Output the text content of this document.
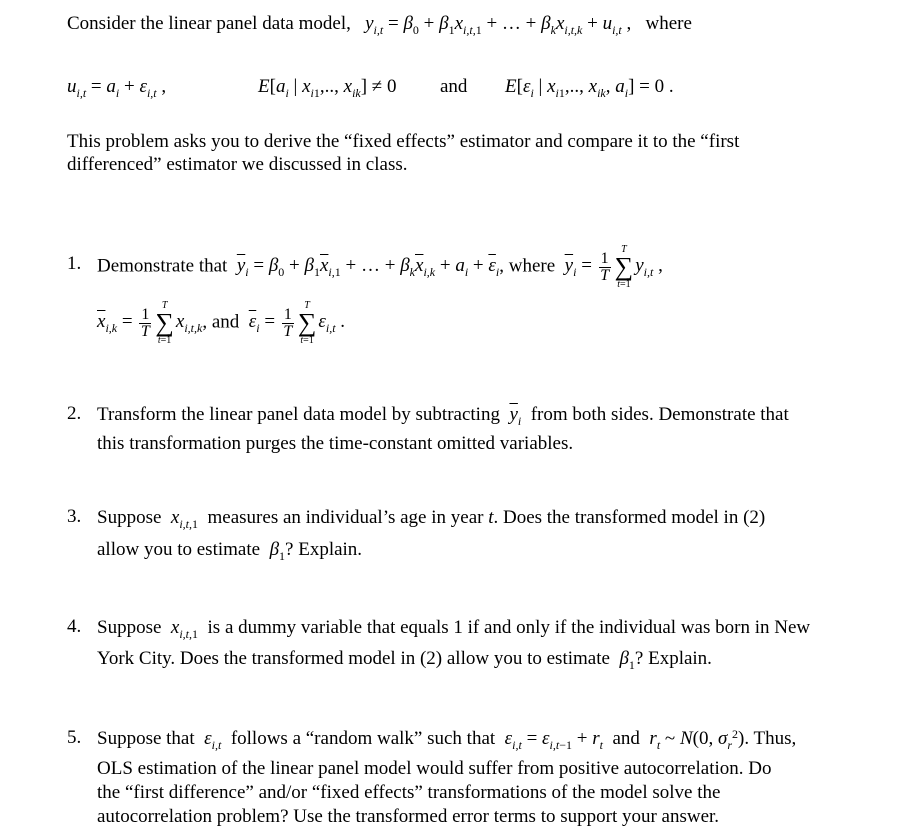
Consider the linear panel data model, $y_{i,t} = \beta_0 + \beta_1x_{i,t,1}$ + … + $\beta_kx_{i,t,k} + u_{i,t}$ , where
$u_{i,t} = a_i + \varepsilon_{i,t}$ ,	$E[a_i$ | $x_{i1}$,.., $x_{ik}] \ne 0$ and $E[\varepsilon_i$ | $x_{i1}$,.., $x_{ik}$, $a_i] = 0$ .
This problem asks you to derive the “fixed effects” estimator and compare it to the “first differenced” estimator we discussed in class.
1. Demonstrate that $\overline{y}_i = \beta_0 + \beta_1\overline{x}_{i,1}$ + … + $\beta_k\overline{x}_{i,k} + a_i + \overline{\varepsilon}_i$, where $\overline{y}_i = \frac{1}{T}$
T
∑
t=1
$y_{i,t}$ ,
$\overline{x}_{i,k} = \frac{1}{T}$
T
∑
t=1
$x_{i,t,k}$, and $\overline{\varepsilon}_i = \frac{1}{T}$
T
∑
t=1
$\varepsilon_{i,t}$ .
2. Transform the linear panel data model by subtracting $\overline{y}_i$ from both sides. Demonstrate that
this transformation purges the time-constant omitted variables.
3. Suppose $x_{i,t,1}$ measures an individual’s age in year t. Does the transformed model in (2)
allow you to estimate $\beta_1$? Explain.
4. Suppose $x_{i,t,1}$ is a dummy variable that equals 1 if and only if the individual was born in New
York City. Does the transformed model in (2) allow you to estimate $\beta_1$? Explain.
5. Suppose that $\varepsilon_{i,t}$ follows a “random walk” such that $\varepsilon_{i,t} = \varepsilon_{i,t-1} + r_t$ and $r_t$ ~ N(0, $\sigma_r^2$). Thus,
OLS estimation of the linear panel model would suffer from positive autocorrelation. Do
the “first difference” and/or “fixed effects” transformations of the model solve the
autocorrelation problem? Use the transformed error terms to support your answer.
